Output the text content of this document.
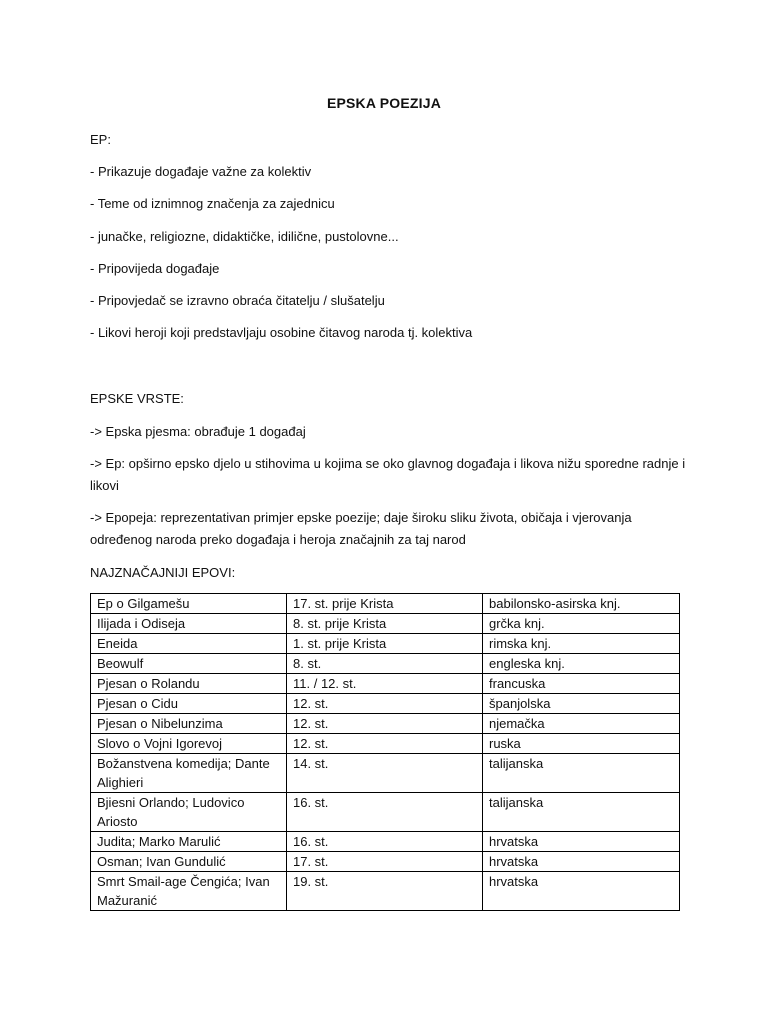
EPSKA POEZIJA
EP:
- Prikazuje događaje važne za kolektiv
- Teme od iznimnog značenja za zajednicu
- junačke, religiozne, didaktičke, idilične, pustolovne...
- Pripovijeda događaje
- Pripovjedač se izravno obraća čitatelju / slušatelju
- Likovi heroji koji predstavljaju osobine čitavog naroda tj. kolektiva
EPSKE VRSTE:
-> Epska pjesma: obrađuje 1 događaj
-> Ep: opširno epsko djelo u stihovima u kojima se oko glavnog događaja i likova nižu sporedne radnje i likovi
-> Epopeja: reprezentativan primjer epske poezije; daje široku sliku života, običaja i vjerovanja određenog naroda preko događaja i heroja značajnih za taj narod
NAJZNAČAJNIJI EPOVI:
Ep o Gilgamešu	17. st. prije Krista	babilonsko-asirska knj.
Ilijada i Odiseja	8. st. prije Krista	grčka knj.
Eneida	1. st. prije Krista	rimska knj.
Beowulf	8. st.	engleska knj.
Pjesan o Rolandu	11. / 12. st.	francuska
Pjesan o Cidu	12. st.	španjolska
Pjesan o Nibelunzima	12. st.	njemačka
Slovo o Vojni Igorevoj	12. st.	ruska
Božanstvena komedija; Dante Alighieri	14. st.	talijanska
Bjiesni Orlando; Ludovico Ariosto	16. st.	talijanska
Judita; Marko Marulić	16. st.	hrvatska
Osman; Ivan Gundulić	17. st.	hrvatska
Smrt Smail-age Čengića; Ivan Mažuranić	19. st.	hrvatska
